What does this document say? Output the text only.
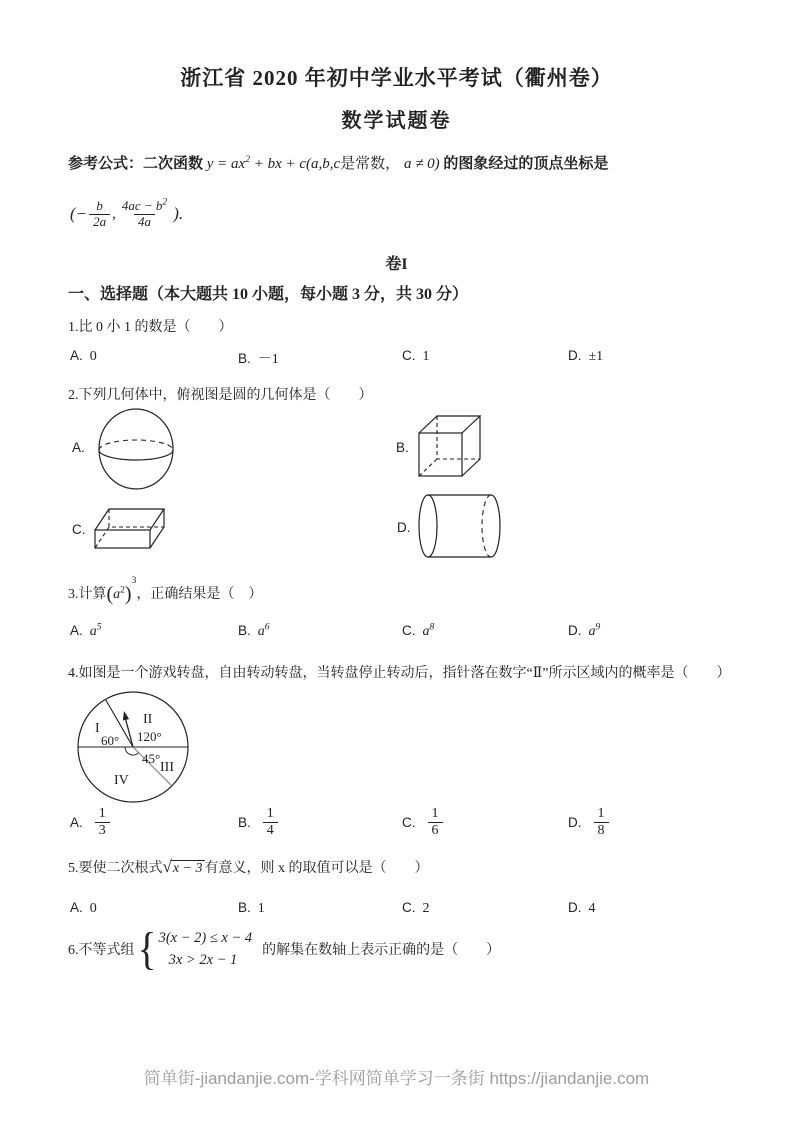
浙江省 2020 年初中学业水平考试（衢州卷）
数学试题卷
参考公式：二次函数 $y = ax^2$ + bx + c(a,b,c是常数， a ≠ 0) 的图象经过的顶点坐标是
(− $\frac{b}{2a}$ , $\frac{4ac - b^2}{4a}$ ).
卷I
一、选择题（本大题共 10 小题，每小题 3 分，共 30 分）
1.比 0 小 1 的数是（　　）
A. 0	B. －1	C. 1	D. ±1
2.下列几何体中，俯视图是圆的几何体是（　　）
A.	B.
C.	D.
3.计算$(a^2)^3$，正确结果是（　）
A. $a^5$	B. $a^6$	C. $a^8$	D. $a^9$
4.如图是一个游戏转盘，自由转动转盘，当转盘停止转动后，指针落在数字“Ⅱ”所示区域内的概率是（　　）
I
60°
II
120°
45°
III
IV
A. $\frac{1}{3}$	B. $\frac{1}{4}$	C. $\frac{1}{6}$	D. $\frac{1}{8}$
5.要使二次根式√x − 3 有意义，则 x 的取值可以是（　　）
A. 0	B. 1	C. 2	D. 4
6.不等式组 { 3(x − 2) ≤ x − 4
3x > 2x − 1
的解集在数轴上表示正确的是（　　）
简单街-jiandanjie.com-学科网简单学习一条街 https://jiandanjie.com
